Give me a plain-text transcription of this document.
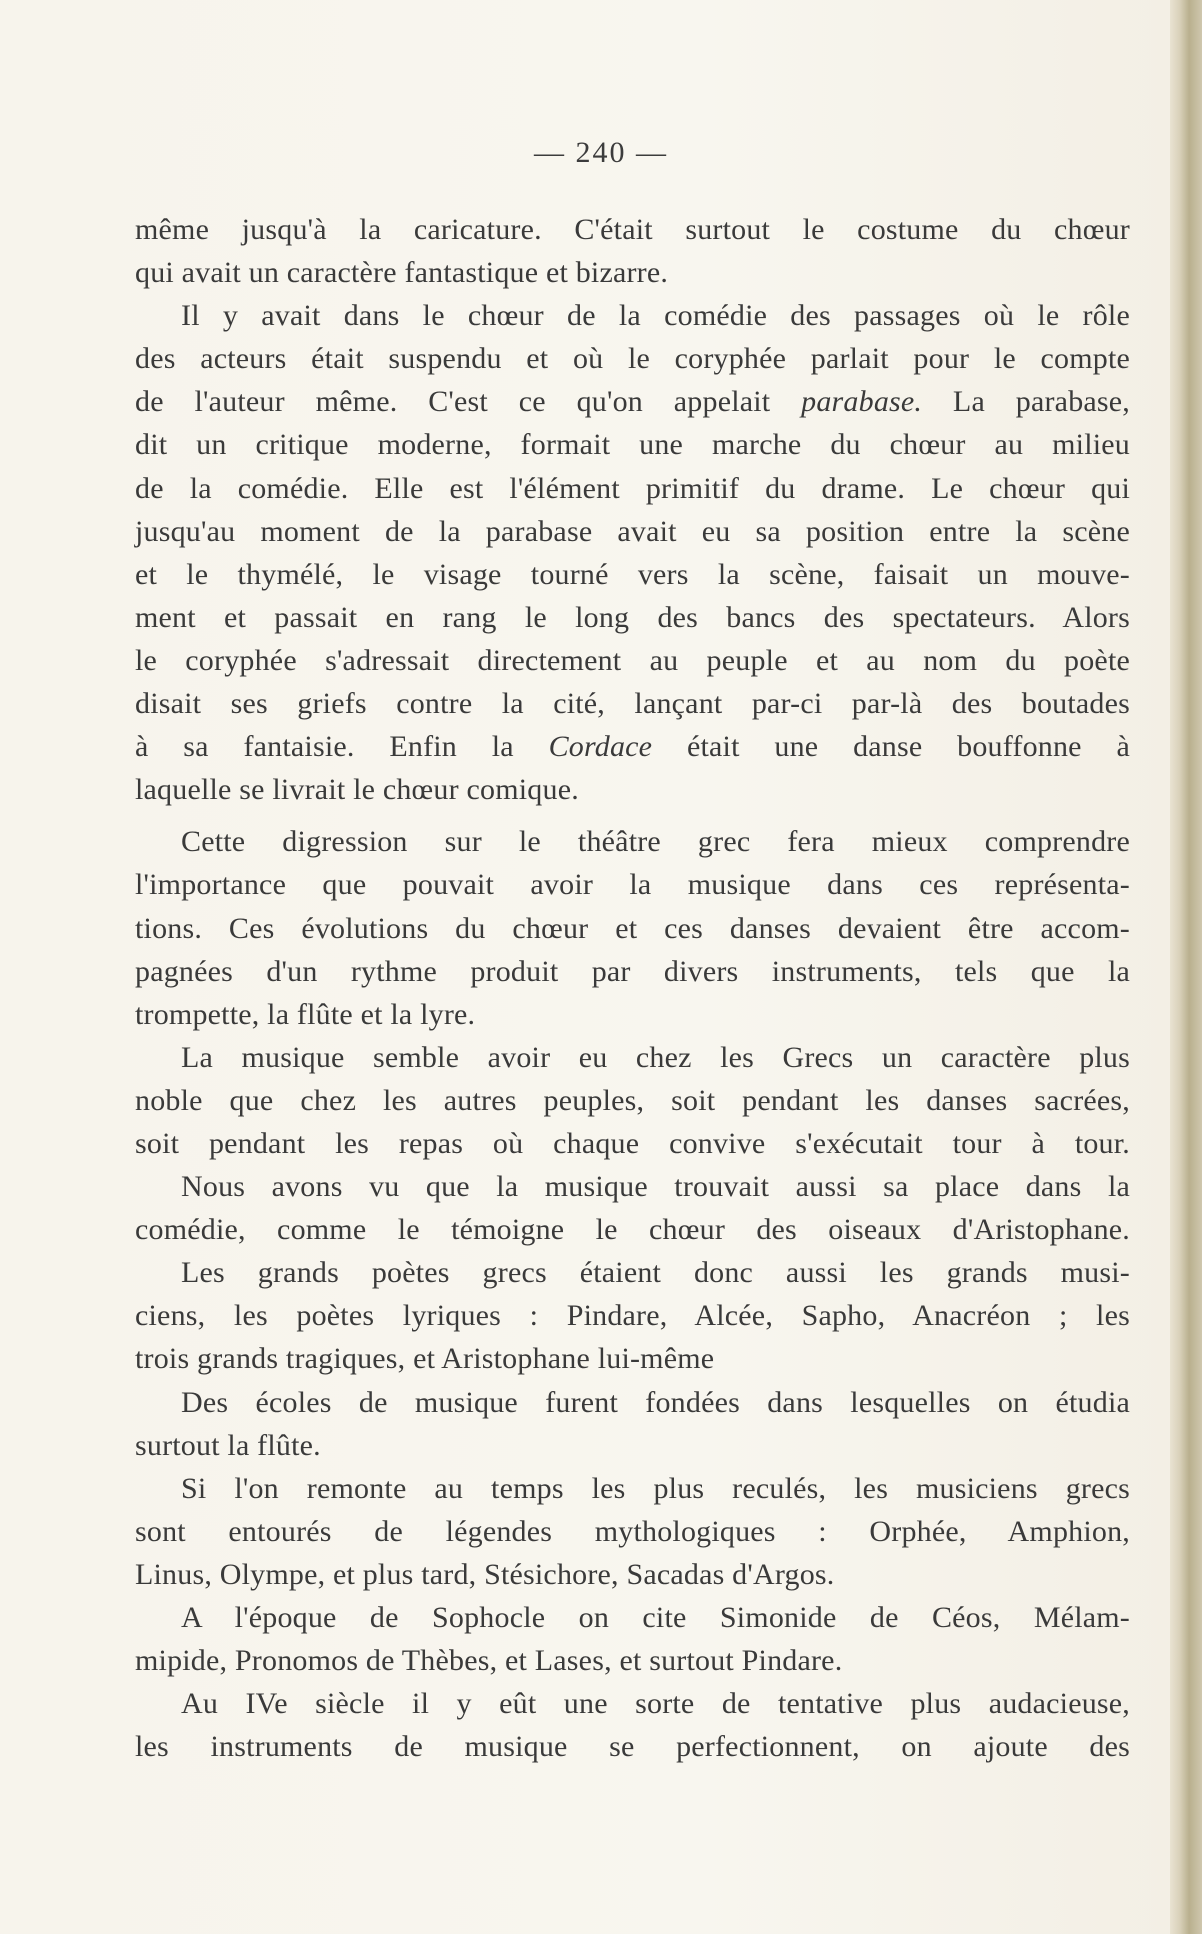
— 240 —
même jusqu'à la caricature. C'était surtout le costume du chœur
qui avait un caractère fantastique et bizarre.
Il y avait dans le chœur de la comédie des passages où le rôle
des acteurs était suspendu et où le coryphée parlait pour le compte
de l'auteur même. C'est ce qu'on appelait parabase. La parabase,
dit un critique moderne, formait une marche du chœur au milieu
de la comédie. Elle est l'élément primitif du drame. Le chœur qui
jusqu'au moment de la parabase avait eu sa position entre la scène
et le thymélé, le visage tourné vers la scène, faisait un mouve-
ment et passait en rang le long des bancs des spectateurs. Alors
le coryphée s'adressait directement au peuple et au nom du poète
disait ses griefs contre la cité, lançant par-ci par-là des boutades
à sa fantaisie. Enfin la Cordace était une danse bouffonne à
laquelle se livrait le chœur comique.
Cette digression sur le théâtre grec fera mieux comprendre
l'importance que pouvait avoir la musique dans ces représenta-
tions. Ces évolutions du chœur et ces danses devaient être accom-
pagnées d'un rythme produit par divers instruments, tels que la
trompette, la flûte et la lyre.
La musique semble avoir eu chez les Grecs un caractère plus
noble que chez les autres peuples, soit pendant les danses sacrées,
soit pendant les repas où chaque convive s'exécutait tour à tour.
Nous avons vu que la musique trouvait aussi sa place dans la
comédie, comme le témoigne le chœur des oiseaux d'Aristophane.
Les grands poètes grecs étaient donc aussi les grands musi-
ciens, les poètes lyriques : Pindare, Alcée, Sapho, Anacréon ; les
trois grands tragiques, et Aristophane lui-même
Des écoles de musique furent fondées dans lesquelles on étudia
surtout la flûte.
Si l'on remonte au temps les plus reculés, les musiciens grecs
sont entourés de légendes mythologiques : Orphée, Amphion,
Linus, Olympe, et plus tard, Stésichore, Sacadas d'Argos.
A l'époque de Sophocle on cite Simonide de Céos, Mélam-
mipide, Pronomos de Thèbes, et Lases, et surtout Pindare.
Au IVe siècle il y eût une sorte de tentative plus audacieuse,
les instruments de musique se perfectionnent, on ajoute des
